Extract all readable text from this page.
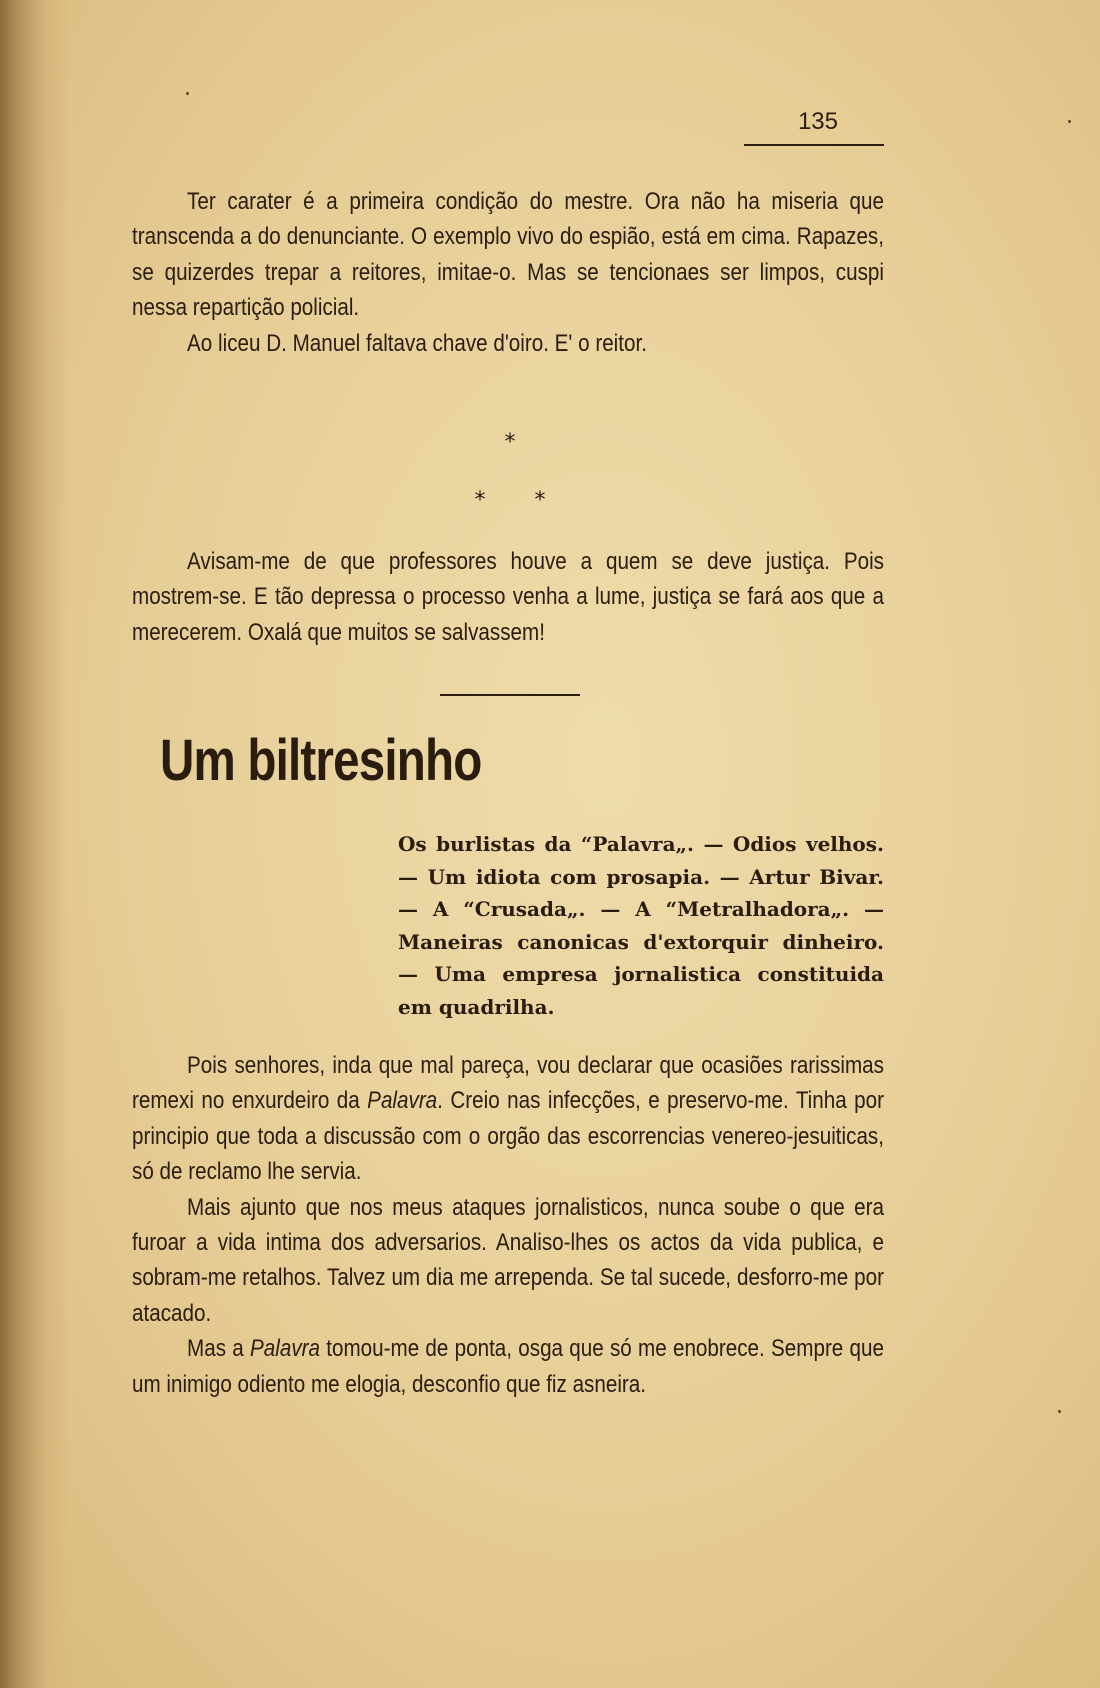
135

Ter carater é a primeira condição do mestre. Ora não ha miseria que transcenda a do denunciante. O exemplo vivo do espião, está em cima. Rapazes, se quizerdes trepar a reitores, imitae-o. Mas se tencionaes ser limpos, cuspi nessa repartição policial.

Ao liceu D. Manuel faltava chave d'oiro. E' o reitor.

*
* *

Avisam-me de que professores houve a quem se deve justiça. Pois mostrem-se. E tão depressa o processo venha a lume, justiça se fará aos que a merecerem. Oxalá que muitos se salvassem!

Um biltresinho

Os burlistas da “Palavra„. — Odios velhos. — Um idiota com prosapia. — Artur Bivar. — A “Crusada„. — A “Metralhadora„. — Maneiras canonicas d'extorquir dinheiro. — Uma empresa jornalistica constituida em quadrilha.

Pois senhores, inda que mal pareça, vou declarar que ocasiões rarissimas remexi no enxurdeiro da Palavra. Creio nas infecções, e preservo-me. Tinha por principio que toda a discussão com o orgão das escorrencias venereo-jesuiticas, só de reclamo lhe servia.

Mais ajunto que nos meus ataques jornalisticos, nunca soube o que era furoar a vida intima dos adversarios. Analiso-lhes os actos da vida publica, e sobram-me retalhos. Talvez um dia me arrependa. Se tal sucede, desforro-me por atacado.

Mas a Palavra tomou-me de ponta, osga que só me enobrece. Sempre que um inimigo odiento me elogia, desconfio que fiz asneira.
